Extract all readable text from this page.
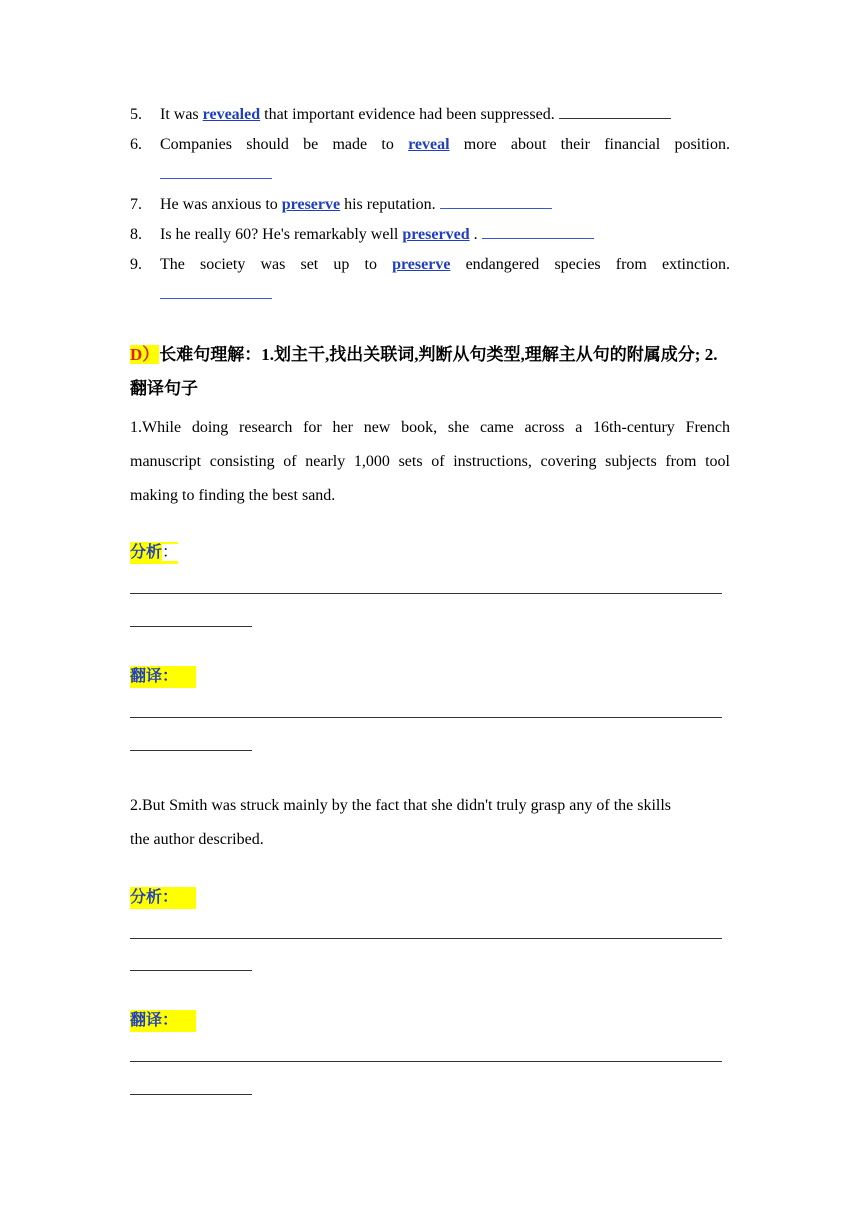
5.	It was revealed that important evidence had been suppressed.
6.	Companies should be made to reveal more about their financial position.
7.	He was anxious to preserve his reputation.
8.	Is he really 60? He's remarkably well preserved .
9.	The society was set up to preserve endangered species from extinction.
D）长难句理解：1.划主干,找出关联词,判断从句类型,理解主从句的附属成分; 2.
翻译句子
1.While doing research for her new book, she came across a 16th-century French
manuscript consisting of nearly 1,000 sets of instructions, covering subjects from tool
making to finding the best sand.
分析：
翻译：
2.But Smith was struck mainly by the fact that she didn't truly grasp any of the skills
the author described.
分析：
翻译：
